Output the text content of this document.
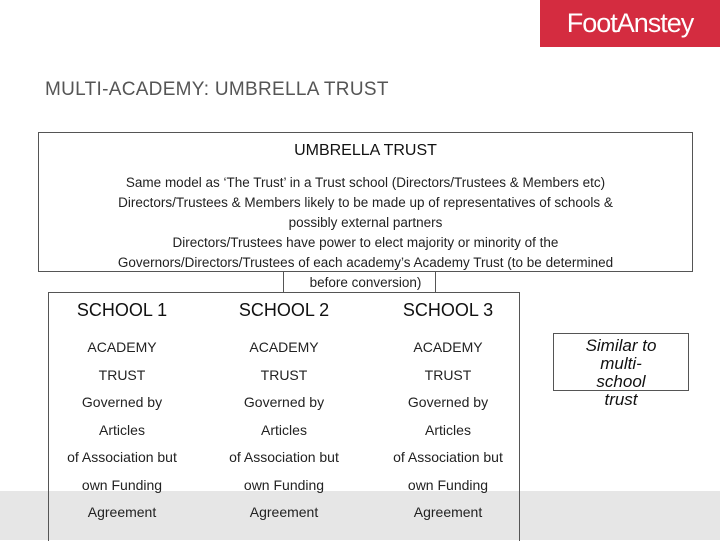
FootAnstey
MULTI-ACADEMY: UMBRELLA TRUST
UMBRELLA TRUST
Same model as ‘The Trust’ in a Trust school (Directors/Trustees & Members etc)
Directors/Trustees & Members likely to be made up of representatives of schools &
possibly external partners
Directors/Trustees have power to elect majority or minority of the
Governors/Directors/Trustees of each academy’s Academy Trust (to be determined
before conversion)
SCHOOL 1
ACADEMY
TRUST
Governed by
Articles
of Association but
own Funding
Agreement
SCHOOL 2
ACADEMY
TRUST
Governed by
Articles
of Association but
own Funding
Agreement
SCHOOL 3
ACADEMY
TRUST
Governed by
Articles
of Association but
own Funding
Agreement
Similar to
multi-
school
trust
